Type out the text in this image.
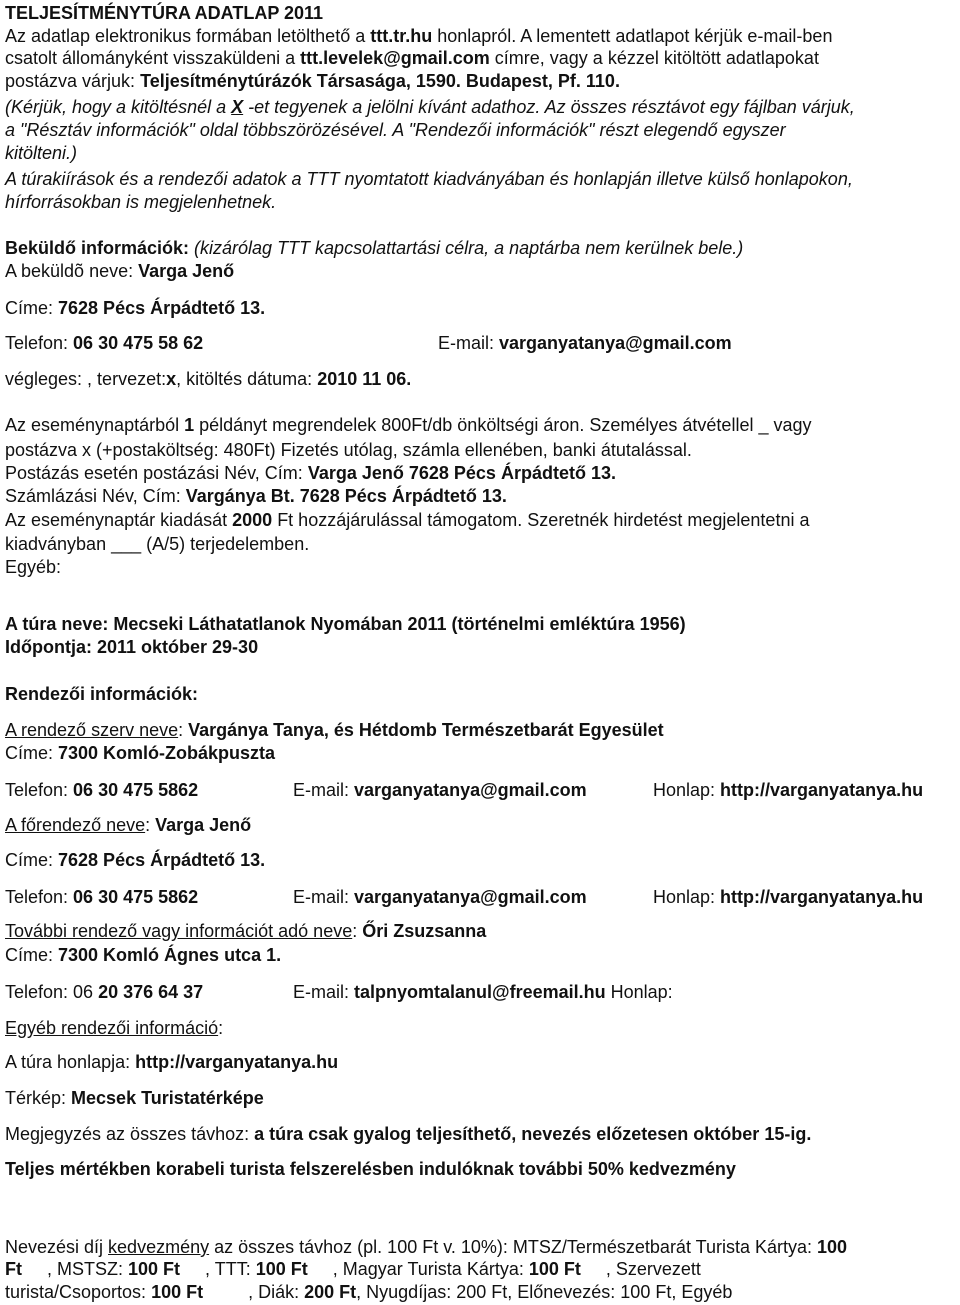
TELJESÍTMÉNYTÚRA ADATLAP 2011
Az adatlap elektronikus formában letölthető a ttt.tr.hu honlapról. A lementett adatlapot kérjük e-mail-ben
csatolt állományként visszaküldeni a ttt.levelek@gmail.com címre, vagy a kézzel kitöltött adatlapokat
postázva várjuk: Teljesítménytúrázók Társasága, 1590. Budapest, Pf. 110.
(Kérjük, hogy a kitöltésnél a X -et tegyenek a jelölni kívánt adathoz. Az összes résztávot egy fájlban várjuk,
a "Résztáv információk" oldal többszörözésével. A "Rendezői információk" részt elegendő egyszer
kitölteni.)
A túrakiírások és a rendezői adatok a TTT nyomtatott kiadványában és honlapján illetve külső honlapokon,
hírforrásokban is megjelenhetnek.
Beküldő információk: (kizárólag TTT kapcsolattartási célra, a naptárba nem kerülnek bele.)
A beküldõ neve: Varga Jenő
Címe: 7628 Pécs Árpádtető 13.
Telefon: 06 30 475 58 62	E-mail: varganyatanya@gmail.com
végleges: , tervezet:x, kitöltés dátuma: 2010 11 06.
Az eseménynaptárból 1 példányt megrendelek 800Ft/db önköltségi áron. Személyes átvétellel _ vagy
postázva x (+postaköltség: 480Ft) Fizetés utólag, számla ellenében, banki átutalással.
Postázás esetén postázási Név, Cím: Varga Jenő 7628 Pécs Árpádtető 13.
Számlázási Név, Cím: Vargánya Bt. 7628 Pécs Árpádtető 13.
Az eseménynaptár kiadását 2000 Ft hozzájárulással támogatom. Szeretnék hirdetést megjelentetni a
kiadványban ___ (A/5) terjedelemben.
Egyéb:
A túra neve: Mecseki Láthatatlanok Nyomában 2011 (történelmi emléktúra 1956)
Időpontja: 2011 október 29-30
Rendezői információk:
A rendező szerv neve: Vargánya Tanya, és Hétdomb Természetbarát Egyesület
Címe: 7300 Komló-Zobákpuszta
Telefon: 06 30 475 5862	E-mail: varganyatanya@gmail.com	Honlap: http://varganyatanya.hu
A főrendező neve: Varga Jenő
Címe: 7628 Pécs Árpádtető 13.
Telefon: 06 30 475 5862	E-mail: varganyatanya@gmail.com	Honlap: http://varganyatanya.hu
További rendező vagy információt adó neve: Őri Zsuzsanna
Címe: 7300 Komló Ágnes utca 1.
Telefon: 06 20 376 64 37	E-mail: talpnyomtalanul@freemail.hu Honlap:
Egyéb rendezői információ:
A túra honlapja: http://varganyatanya.hu
Térkép: Mecsek Turistatérképe
Megjegyzés az összes távhoz: a túra csak gyalog teljesíthető, nevezés előzetesen október 15-ig.
Teljes mértékben korabeli turista felszerelésben indulóknak további 50% kedvezmény
Nevezési díj kedvezmény az összes távhoz (pl. 100 Ft v. 10%): MTSZ/Természetbarát Turista Kártya: 100
Ft     , MSTSZ: 100 Ft     , TTT: 100 Ft     , Magyar Turista Kártya: 100 Ft     , Szervezett
turista/Csoportos: 100 Ft         , Diák: 200 Ft, Nyugdíjas: 200 Ft, Előnevezés: 100 Ft, Egyéb
